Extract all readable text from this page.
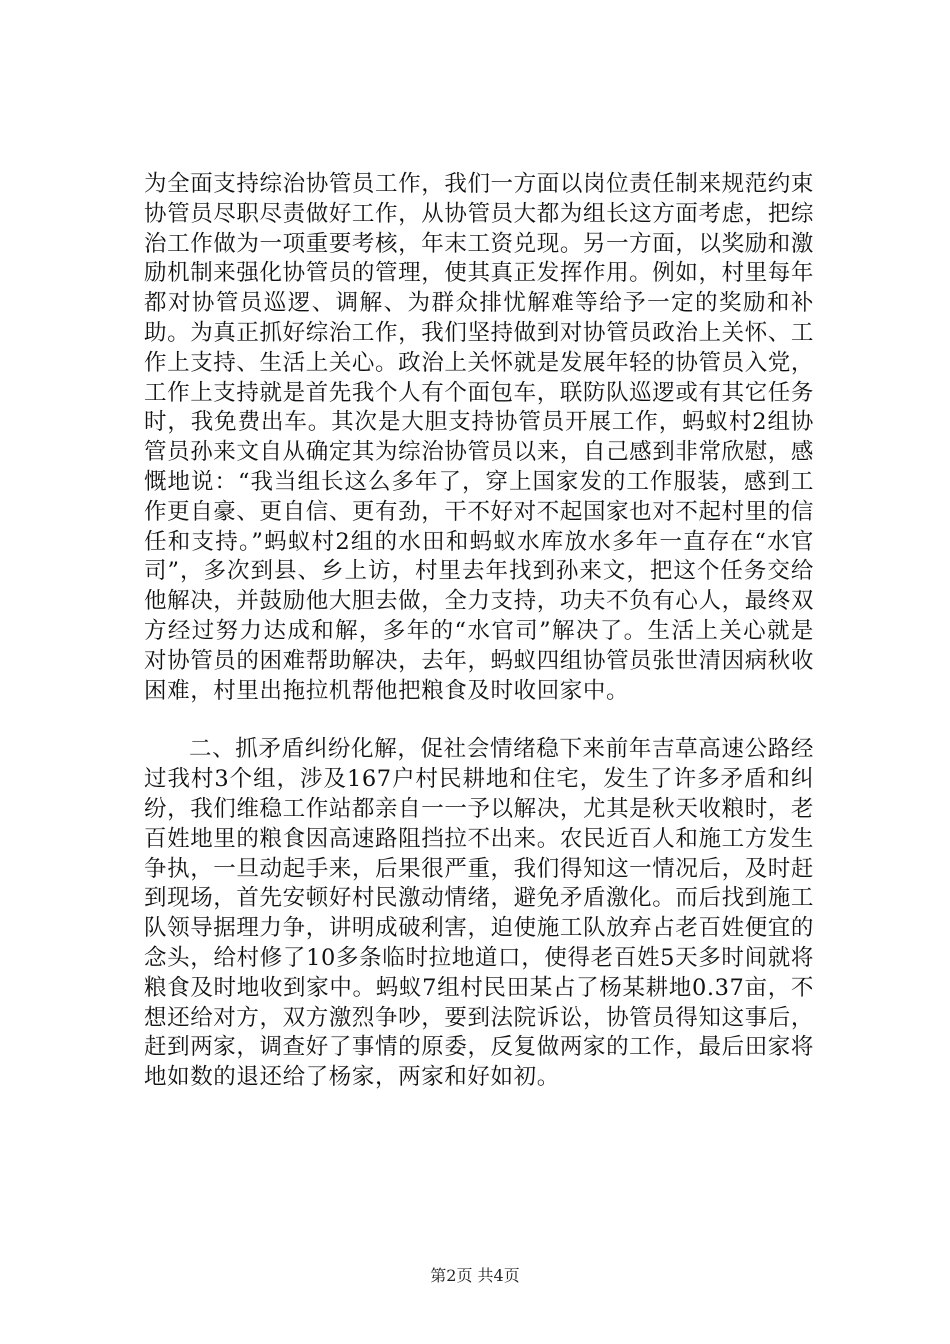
为全面支持综治协管员工作，我们一方面以岗位责任制来规范约束协管员尽职尽责做好工作，从协管员大都为组长这方面考虑，把综治工作做为一项重要考核，年末工资兑现。另一方面，以奖励和激励机制来强化协管员的管理，使其真正发挥作用。例如，村里每年都对协管员巡逻、调解、为群众排忧解难等给予一定的奖励和补助。为真正抓好综治工作，我们坚持做到对协管员政治上关怀、工作上支持、生活上关心。政治上关怀就是发展年轻的协管员入党，工作上支持就是首先我个人有个面包车，联防队巡逻或有其它任务时，我免费出车。其次是大胆支持协管员开展工作，蚂蚁村2组协管员孙来文自从确定其为综治协管员以来，自己感到非常欣慰，感慨地说：“我当组长这么多年了，穿上国家发的工作服装，感到工作更自豪、更自信、更有劲，干不好对不起国家也对不起村里的信任和支持。”蚂蚁村2组的水田和蚂蚁水库放水多年一直存在“水官司”，多次到县、乡上访，村里去年找到孙来文，把这个任务交给他解决，并鼓励他大胆去做，全力支持，功夫不负有心人，最终双方经过努力达成和解，多年的“水官司”解决了。生活上关心就是对协管员的困难帮助解决，去年，蚂蚁四组协管员张世清因病秋收困难，村里出拖拉机帮他把粮食及时收回家中。

二、抓矛盾纠纷化解，促社会情绪稳下来前年吉草高速公路经过我村3个组，涉及167户村民耕地和住宅，发生了许多矛盾和纠纷，我们维稳工作站都亲自一一予以解决，尤其是秋天收粮时，老百姓地里的粮食因高速路阻挡拉不出来。农民近百人和施工方发生争执，一旦动起手来，后果很严重，我们得知这一情况后，及时赶到现场，首先安顿好村民激动情绪，避免矛盾激化。而后找到施工队领导据理力争，讲明成破利害，迫使施工队放弃占老百姓便宜的念头，给村修了10多条临时拉地道口，使得老百姓5天多时间就将粮食及时地收到家中。蚂蚁7组村民田某占了杨某耕地0.37亩，不想还给对方，双方激烈争吵，要到法院诉讼，协管员得知这事后，赶到两家，调查好了事情的原委，反复做两家的工作，最后田家将地如数的退还给了杨家，两家和好如初。

第2页 共4页
